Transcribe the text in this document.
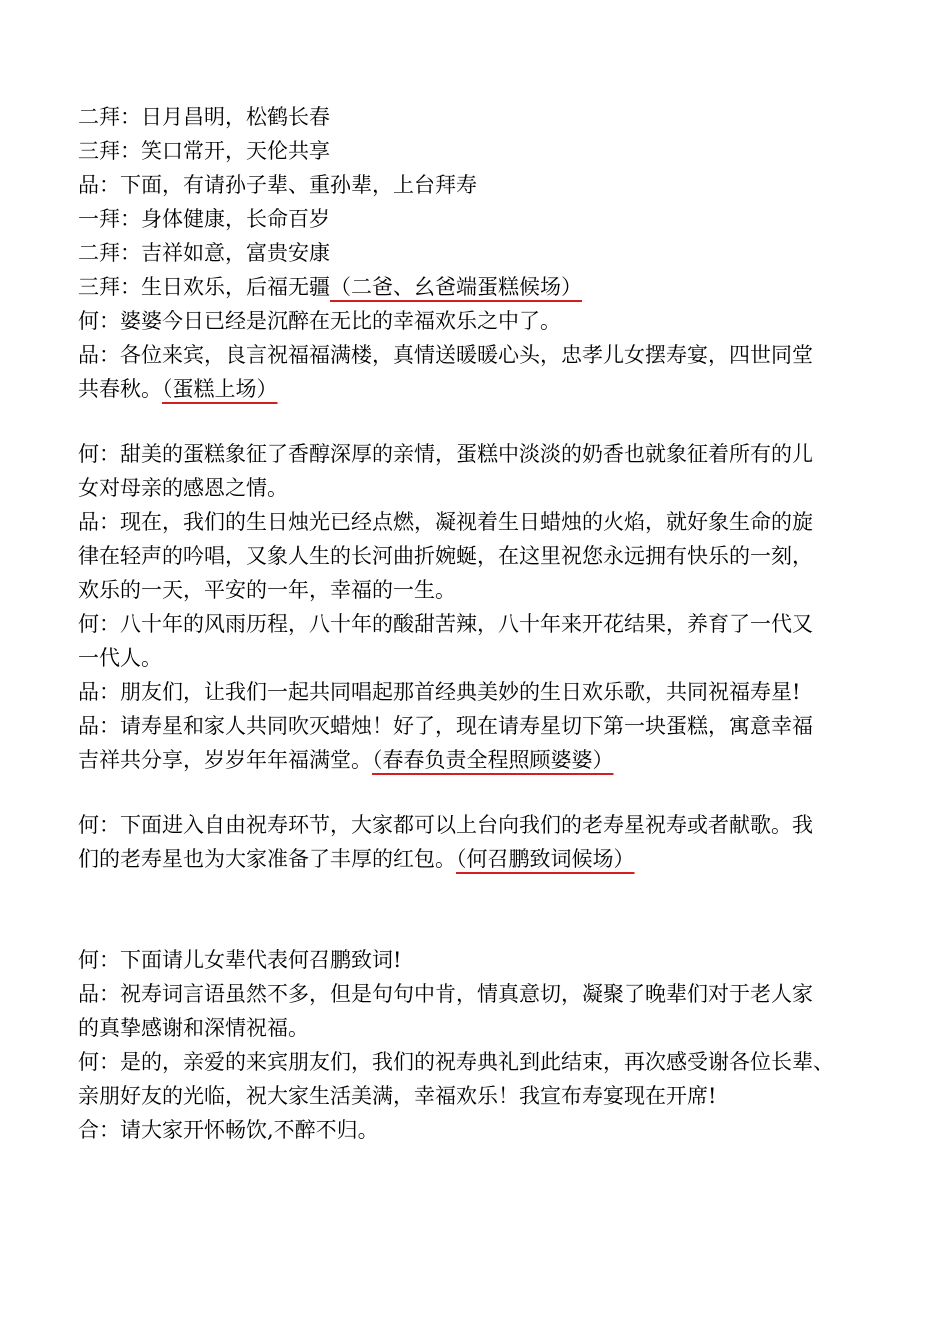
二拜：日月昌明，松鹤长春
三拜：笑口常开，天伦共享
品：下面，有请孙子辈、重孙辈，上台拜寿
一拜：身体健康，长命百岁
二拜：吉祥如意，富贵安康
三拜：生日欢乐，后福无疆（二爸、幺爸端蛋糕候场）
何：婆婆今日已经是沉醉在无比的幸福欢乐之中了。
品：各位来宾，良言祝福福满楼，真情送暖暖心头，忠孝儿女摆寿宴，四世同堂
共春秋。（蛋糕上场）
何：甜美的蛋糕象征了香醇深厚的亲情，蛋糕中淡淡的奶香也就象征着所有的儿
女对母亲的感恩之情。
品：现在，我们的生日烛光已经点燃，凝视着生日蜡烛的火焰，就好象生命的旋
律在轻声的吟唱，又象人生的长河曲折婉蜒，在这里祝您永远拥有快乐的一刻，
欢乐的一天，平安的一年，幸福的一生。
何：八十年的风雨历程，八十年的酸甜苦辣，八十年来开花结果，养育了一代又
一代人。
品：朋友们，让我们一起共同唱起那首经典美妙的生日欢乐歌，共同祝福寿星!
品：请寿星和家人共同吹灭蜡烛！好了，现在请寿星切下第一块蛋糕，寓意幸福
吉祥共分享，岁岁年年福满堂。（春春负责全程照顾婆婆）
何：下面进入自由祝寿环节，大家都可以上台向我们的老寿星祝寿或者献歌。我
们的老寿星也为大家准备了丰厚的红包。（何召鹏致词候场）
何：下面请儿女辈代表何召鹏致词!
品：祝寿词言语虽然不多，但是句句中肯，情真意切，凝聚了晚辈们对于老人家
的真挚感谢和深情祝福。
何：是的，亲爱的来宾朋友们，我们的祝寿典礼到此结束，再次感受谢各位长辈、
亲朋好友的光临，祝大家生活美满，幸福欢乐！我宣布寿宴现在开席!
合：请大家开怀畅饮,不醉不归。
